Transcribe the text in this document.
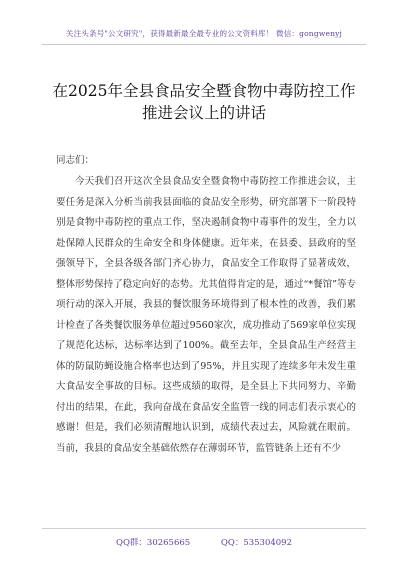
关注头条号"公文研究"，获得最新最全最专业的公文资料库！ 微信：gongwenyj
在2025年全县食品安全暨食物中毒防控工作
推进会议上的讲话
同志们：

今天我们召开这次全县食品安全暨食物中毒防控工作推进会议，主要任务是深入分析当前我县面临的食品安全形势，研究部署下一阶段特别是食物中毒防控的重点工作，坚决遏制食物中毒事件的发生，全力以赴保障人民群众的生命安全和身体健康。近年来，在县委、县政府的坚强领导下，全县各级各部门齐心协力，食品安全工作取得了显著成效，整体形势保持了稳定向好的态势。尤其值得肯定的是，通过“*餐馆”等专项行动的深入开展，我县的餐饮服务环境得到了根本性的改善，我们累计检查了各类餐饮服务单位超过9560家次，成功推动了569家单位实现了规范化达标，达标率达到了100%。截至去年，全县食品生产经营主体的防鼠防蝇设施合格率也达到了95%，并且实现了连续多年未发生重大食品安全事故的目标。这些成绩的取得，是全县上下共同努力、辛勤付出的结果，在此，我向奋战在食品安全监管一线的同志们表示衷心的感谢！但是，我们必须清醒地认识到，成绩代表过去，风险就在眼前。当前，我县的食品安全基础依然存在薄弱环节，监管链条上还有不少

QQ群：30265665	QQ：535304092
